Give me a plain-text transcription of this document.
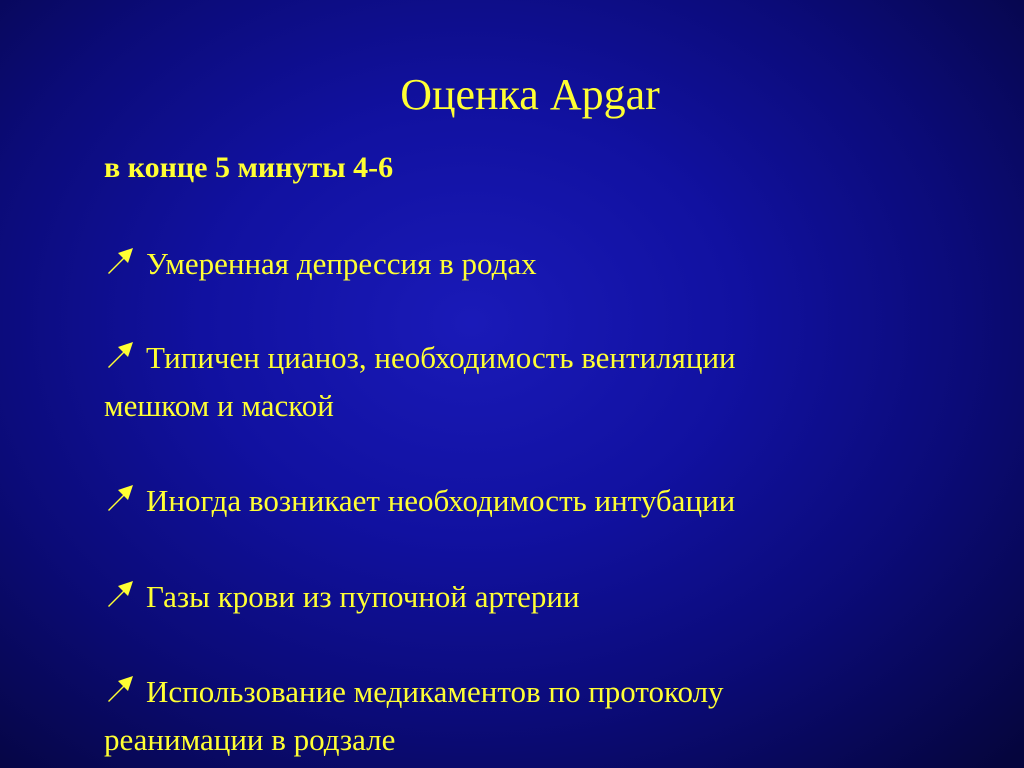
Оценка Apgar

в конце 5 минуты 4-6

Умеренная депрессия в родах
Типичен цианоз, необходимость вентиляции
мешком и маской
Иногда возникает необходимость интубации
Газы крови из пупочной артерии
Использование медикаментов по протоколу
реанимации в родзале
